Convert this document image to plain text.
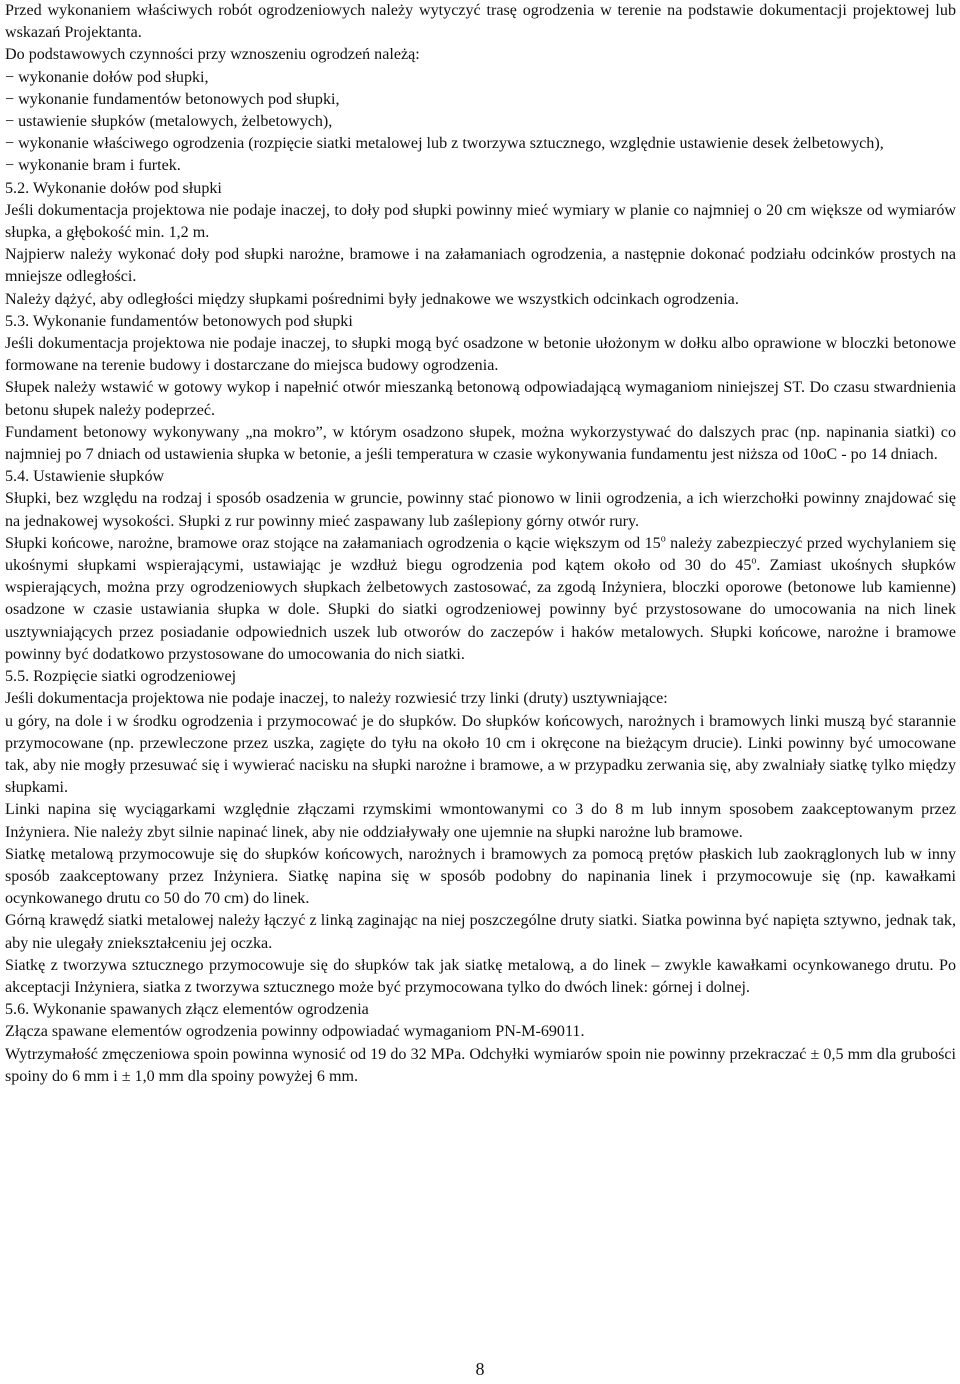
Przed wykonaniem właściwych robót ogrodzeniowych należy wytyczyć trasę ogrodzenia w terenie na podstawie dokumentacji projektowej lub wskazań Projektanta.

Do podstawowych czynności przy wznoszeniu ogrodzeń należą:

− wykonanie dołów pod słupki,

− wykonanie fundamentów betonowych pod słupki,

− ustawienie słupków (metalowych, żelbetowych),

− wykonanie właściwego ogrodzenia (rozpięcie siatki metalowej lub z tworzywa sztucznego, względnie ustawienie desek żelbetowych),

− wykonanie bram i furtek.

5.2. Wykonanie dołów pod słupki

Jeśli dokumentacja projektowa nie podaje inaczej, to doły pod słupki powinny mieć wymiary w planie co najmniej o 20 cm większe od wymiarów słupka, a głębokość min. 1,2 m.

Najpierw należy wykonać doły pod słupki narożne, bramowe i na załamaniach ogrodzenia, a następnie dokonać podziału odcinków prostych na mniejsze odległości.

Należy dążyć, aby odległości między słupkami pośrednimi były jednakowe we wszystkich odcinkach ogrodzenia.

5.3. Wykonanie fundamentów betonowych pod słupki

Jeśli dokumentacja projektowa nie podaje inaczej, to słupki mogą być osadzone w betonie ułożonym w dołku albo oprawione w bloczki betonowe formowane na terenie budowy i dostarczane do miejsca budowy ogrodzenia.

Słupek należy wstawić w gotowy wykop i napełnić otwór mieszanką betonową odpowiadającą wymaganiom niniejszej ST. Do czasu stwardnienia betonu słupek należy podeprzeć.

Fundament betonowy wykonywany „na mokro”, w którym osadzono słupek, można wykorzystywać do dalszych prac (np. napinania siatki) co najmniej po 7 dniach od ustawienia słupka w betonie, a jeśli temperatura w czasie wykonywania fundamentu jest niższa od 10oC - po 14 dniach.

5.4. Ustawienie słupków

Słupki, bez względu na rodzaj i sposób osadzenia w gruncie, powinny stać pionowo w linii ogrodzenia, a ich wierzchołki powinny znajdować się na jednakowej wysokości. Słupki z rur powinny mieć zaspawany lub zaślepiony górny otwór rury.

Słupki końcowe, narożne, bramowe oraz stojące na załamaniach ogrodzenia o kącie większym od 15$^o$ należy zabezpieczyć przed wychylaniem się ukośnymi słupkami wspierającymi, ustawiając je wzdłuż biegu ogrodzenia pod kątem około od 30 do 45$^o$. Zamiast ukośnych słupków wspierających, można przy ogrodzeniowych słupkach żelbetowych zastosować, za zgodą Inżyniera, bloczki oporowe (betonowe lub kamienne) osadzone w czasie ustawiania słupka w dole. Słupki do siatki ogrodzeniowej powinny być przystosowane do umocowania na nich linek usztywniających przez posiadanie odpowiednich uszek lub otworów do zaczepów i haków metalowych. Słupki końcowe, narożne i bramowe powinny być dodatkowo przystosowane do umocowania do nich siatki.

5.5. Rozpięcie siatki ogrodzeniowej

Jeśli dokumentacja projektowa nie podaje inaczej, to należy rozwiesić trzy linki (druty) usztywniające:
u góry, na dole i w środku ogrodzenia i przymocować je do słupków. Do słupków końcowych, narożnych i bramowych linki muszą być starannie przymocowane (np. przewleczone przez uszka, zagięte do tyłu na około 10 cm i okręcone na bieżącym drucie). Linki powinny być umocowane tak, aby nie mogły przesuwać się i wywierać nacisku na słupki narożne i bramowe, a w przypadku zerwania się, aby zwalniały siatkę tylko między słupkami.

Linki napina się wyciągarkami względnie złączami rzymskimi wmontowanymi co 3 do 8 m lub innym sposobem zaakceptowanym przez Inżyniera. Nie należy zbyt silnie napinać linek, aby nie oddziaływały one ujemnie na słupki narożne lub bramowe.

Siatkę metalową przymocowuje się do słupków końcowych, narożnych i bramowych za pomocą prętów płaskich lub zaokrąglonych lub w inny sposób zaakceptowany przez Inżyniera. Siatkę napina się w sposób podobny do napinania linek i przymocowuje się (np. kawałkami ocynkowanego drutu co 50 do 70 cm) do linek.

Górną krawędź siatki metalowej należy łączyć z linką zaginając na niej poszczególne druty siatki. Siatka powinna być napięta sztywno, jednak tak, aby nie ulegały zniekształceniu jej oczka.

Siatkę z tworzywa sztucznego przymocowuje się do słupków tak jak siatkę metalową, a do linek – zwykle kawałkami ocynkowanego drutu. Po akceptacji Inżyniera, siatka z tworzywa sztucznego może być przymocowana tylko do dwóch linek: górnej i dolnej.

5.6. Wykonanie spawanych złącz elementów ogrodzenia

Złącza spawane elementów ogrodzenia powinny odpowiadać wymaganiom PN-M-69011.

Wytrzymałość zmęczeniowa spoin powinna wynosić od 19 do 32 MPa. Odchyłki wymiarów spoin nie powinny przekraczać ± 0,5 mm dla grubości spoiny do 6 mm i ± 1,0 mm dla spoiny powyżej 6 mm.

8
